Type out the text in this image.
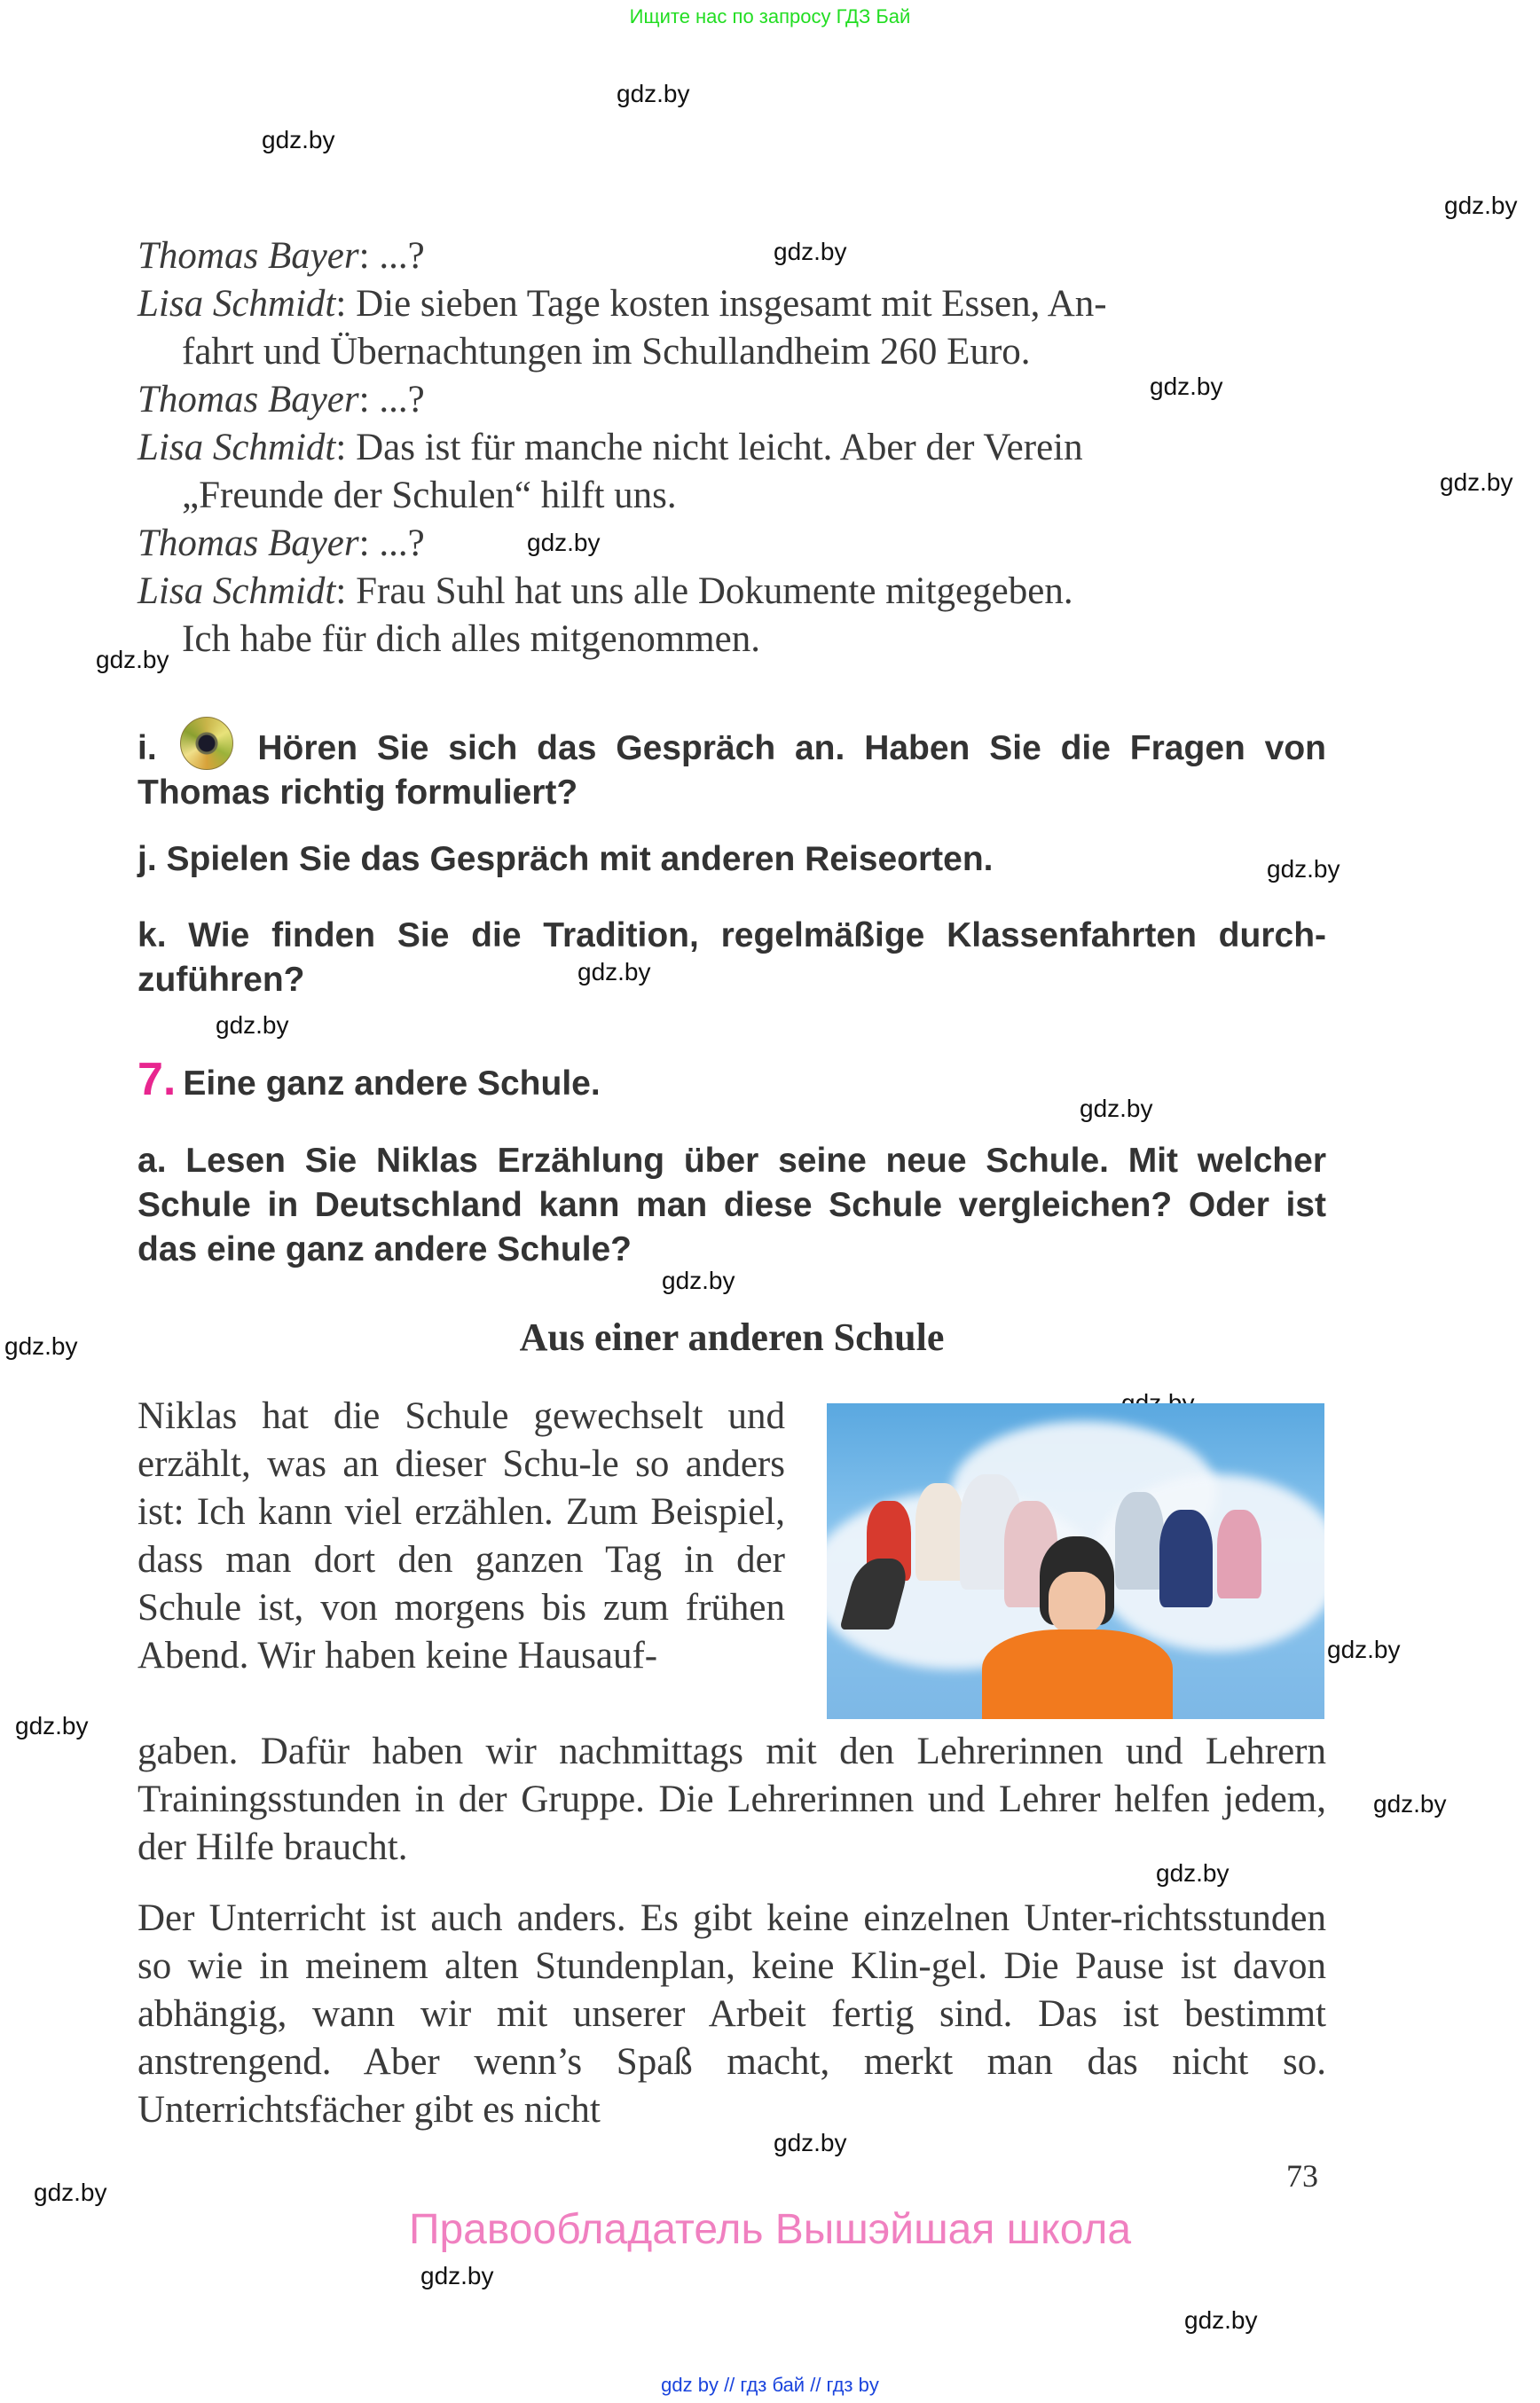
Ищите нас по запросу ГДЗ Бай
gdz.by
gdz.by
gdz.by
gdz.by
gdz.by
gdz.by
gdz.by
gdz.by
gdz.by
gdz.by
gdz.by
gdz.by
gdz.by
gdz.by
gdz.by
gdz.by
gdz.by
gdz.by
gdz.by
gdz.by
gdz.by
gdz.by

Thomas Bayer: ...?

Lisa Schmidt: Die sieben Tage kosten insgesamt mit Essen, An-

fahrt und Übernachtungen im Schullandheim 260 Euro.

Thomas Bayer: ...?

Lisa Schmidt: Das ist für manche nicht leicht. Aber der Verein

„Freunde der Schulen“ hilft uns.

Thomas Bayer: ...?

Lisa Schmidt: Frau Suhl hat uns alle Dokumente mitgegeben.

Ich habe für dich alles mitgenommen.

i.	Hören Sie sich das Gespräch an. Haben Sie die Fragen von Thomas richtig formuliert?
j. Spielen Sie das Gespräch mit anderen Reiseorten.
k. Wie finden Sie die Tradition, regelmäßige Klassenfahrten durch-zuführen?
7. Eine ganz andere Schule.
a. Lesen Sie Niklas Erzählung über seine neue Schule. Mit welcher Schule in Deutschland kann man diese Schule vergleichen? Oder ist das eine ganz andere Schule?
Aus einer anderen Schule
Niklas hat die Schule gewechselt und erzählt, was an dieser Schu-le so anders ist: Ich kann viel erzählen. Zum Beispiel, dass man dort den ganzen Tag in der Schule ist, von morgens bis zum frühen Abend. Wir haben keine Hausauf-
gaben. Dafür haben wir nachmittags mit den Lehrerinnen und Lehrern Trainingsstunden in der Gruppe. Die Lehrerinnen und Lehrer helfen jedem, der Hilfe braucht.
Der Unterricht ist auch anders. Es gibt keine einzelnen Unter-richtsstunden so wie in meinem alten Stundenplan, keine Klin-gel. Die Pause ist davon abhängig, wann wir mit unserer Arbeit fertig sind. Das ist bestimmt anstrengend. Aber wenn’s Spaß macht, merkt man das nicht so. Unterrichtsfächer gibt es nicht
73
Правообладатель Вышэйшая школа
gdz by // гдз бай // гдз by
